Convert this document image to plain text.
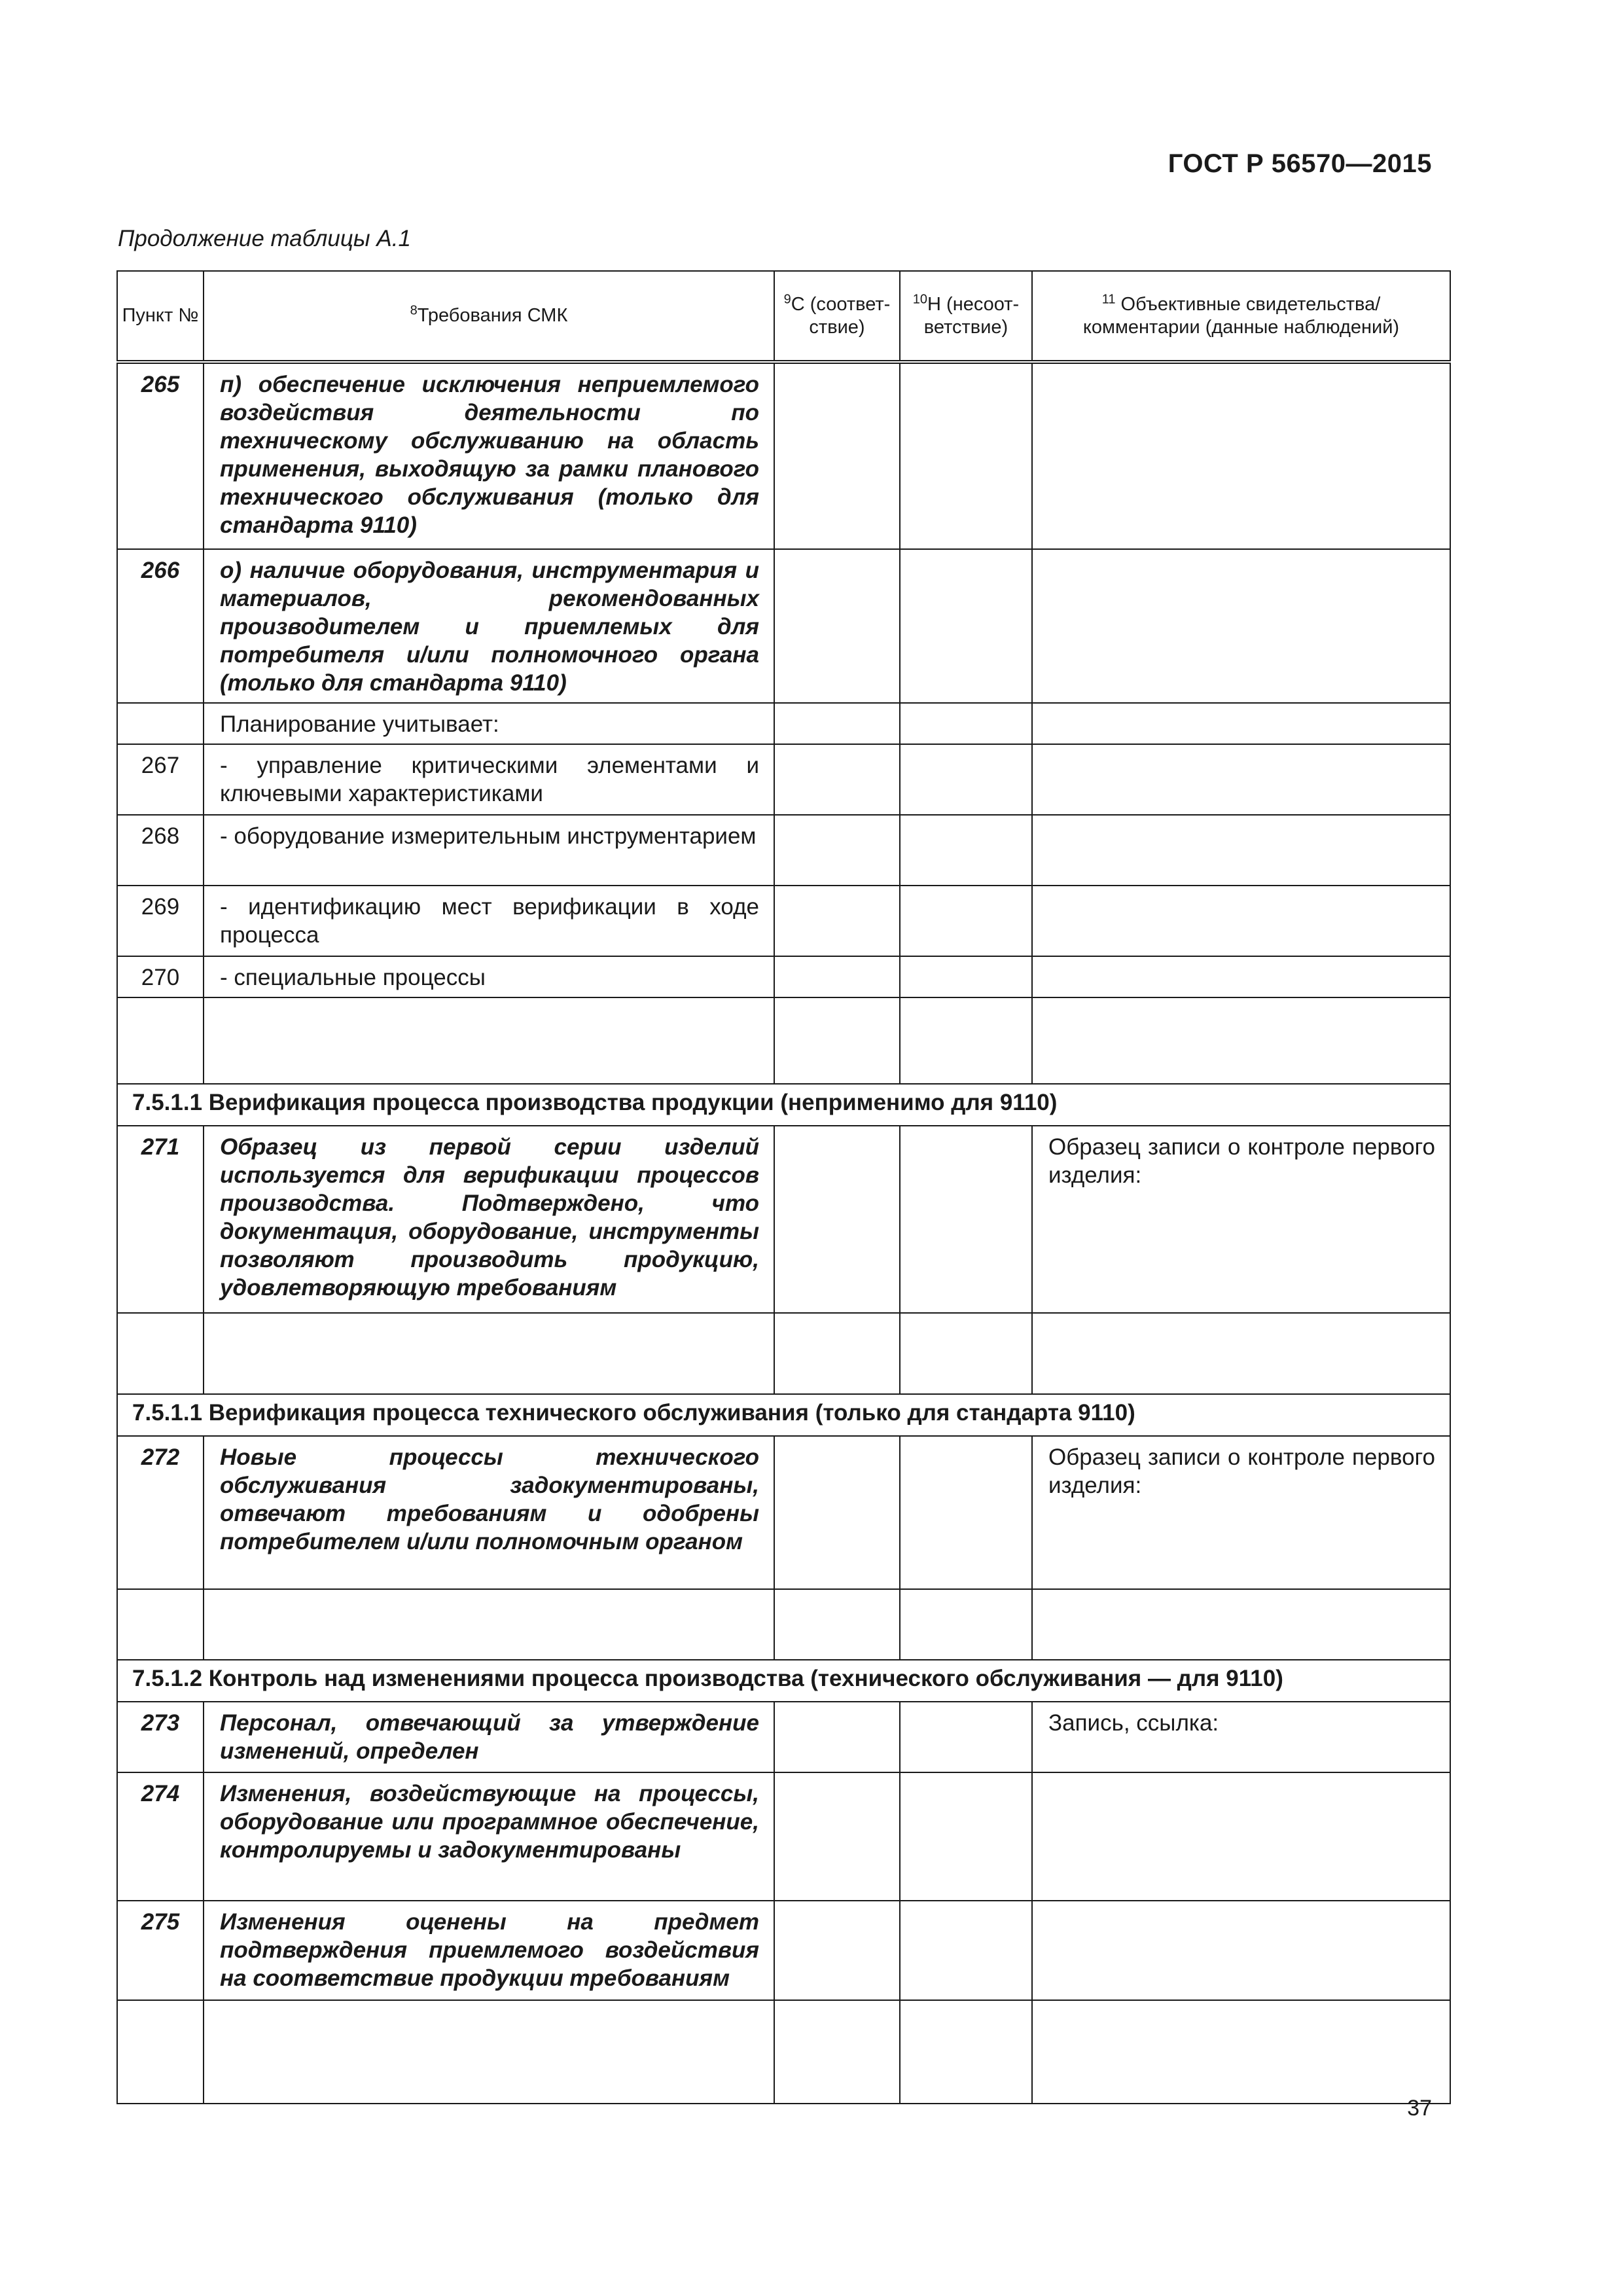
ГОСТ Р 56570—2015
Продолжение таблицы А.1
Пункт №	$^8$Требования СМК	$^9$С (соответ-ствие)	$^{10}$Н (несоот-ветствие)	$^{11}$ Объективные свидетельства/ комментарии (данные наблюдений)
265	п) обеспечение исключения неприемлемого воздействия деятельности по техническому обслуживанию на область применения, выходящую за рамки планового технического обслуживания (только для стандарта 9110)			
266	о) наличие оборудования, инструментария и материалов, рекомендованных производителем и приемлемых для потребителя и/или полномочного органа (только для стандарта 9110)			
	Планирование учитывает:			
267	- управление критическими элементами и ключевыми характеристиками			
268	- оборудование измерительным инструментарием			
269	- идентификацию мест верификации в ходе процесса			
270	- специальные процессы			

7.5.1.1 Верификация процесса производства продукции (неприменимо для 9110)				
271	Образец из первой серии изделий используется для верификации процессов производства. Подтверждено, что документация, оборудование, инструменты позволяют производить продукцию, удовлетворяющую требованиям			Образец записи о контроле первого изделия:

7.5.1.1 Верификация процесса технического обслуживания (только для стандарта 9110)				
272	Новые процессы технического обслуживания задокументированы, отвечают требованиям и одобрены потребителем и/или полномочным органом			Образец записи о контроле первого изделия:

7.5.1.2 Контроль над изменениями процесса производства (технического обслуживания — для 9110)				
273	Персонал, отвечающий за утверждение изменений, определен			Запись, ссылка:
274	Изменения, воздействующие на процессы, оборудование или программное обеспечение, контролируемы и задокументированы			
275	Изменения оценены на предмет подтверждения приемлемого воздействия на соответствие продукции требованиям			

37
